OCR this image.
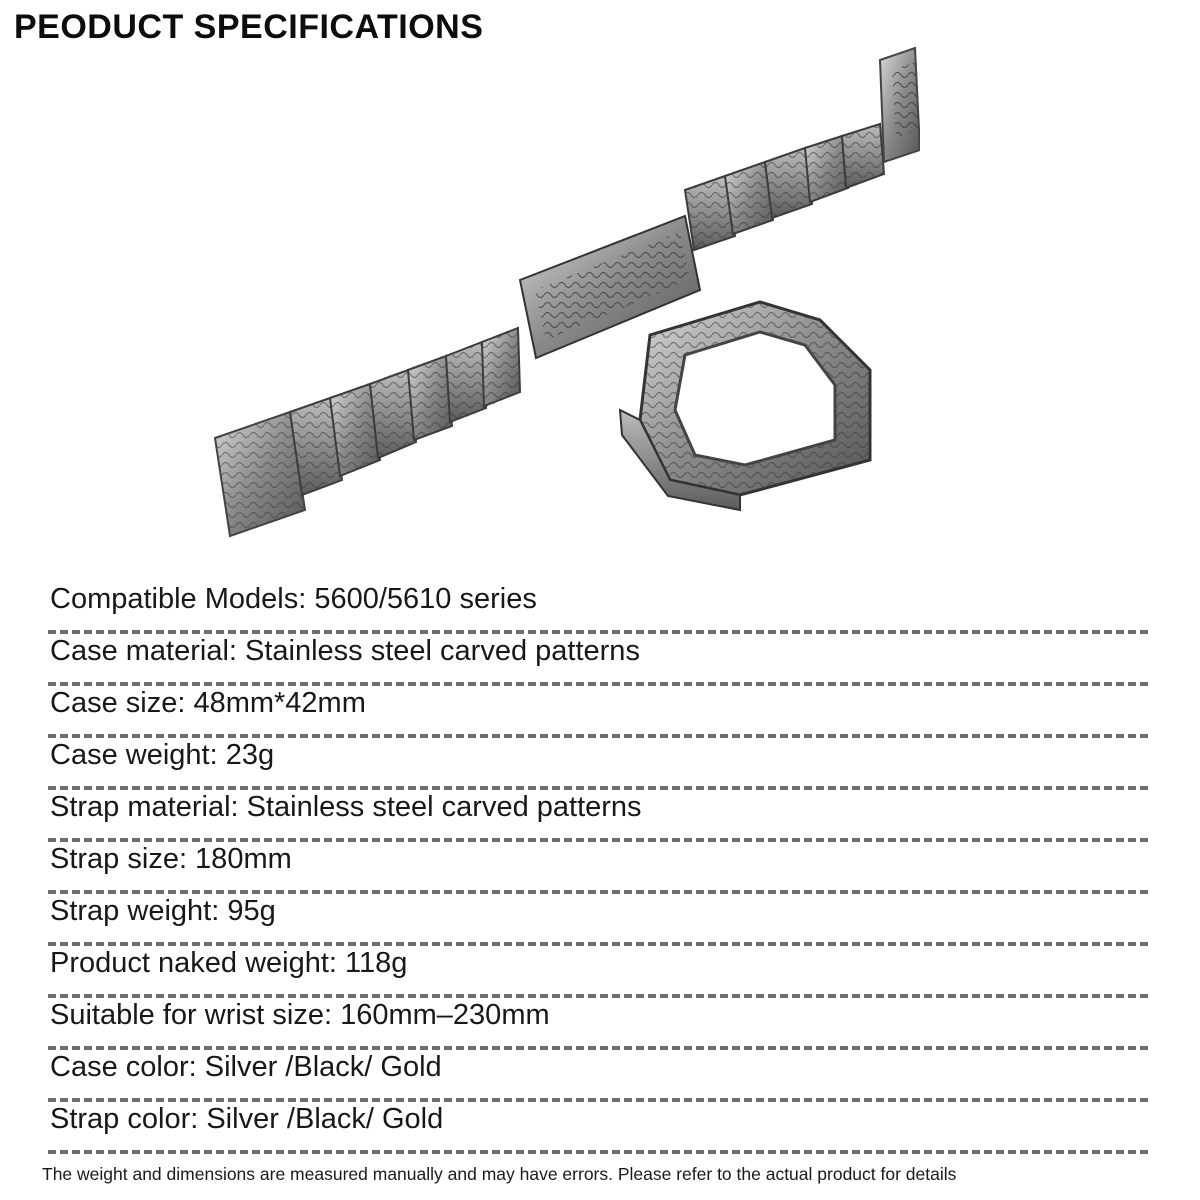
PEODUCT SPECIFICATIONS
Compatible Models: 5600/5610 series
Case material: Stainless steel carved patterns
Case size: 48mm*42mm
Case weight: 23g
Strap material: Stainless steel carved patterns
Strap size: 180mm
Strap weight: 95g
Product naked weight: 118g
Suitable for wrist size: 160mm–230mm
Case color: Silver /Black/ Gold
Strap color: Silver /Black/ Gold
The weight and dimensions are measured manually and may have errors. Please refer to the actual product for details
